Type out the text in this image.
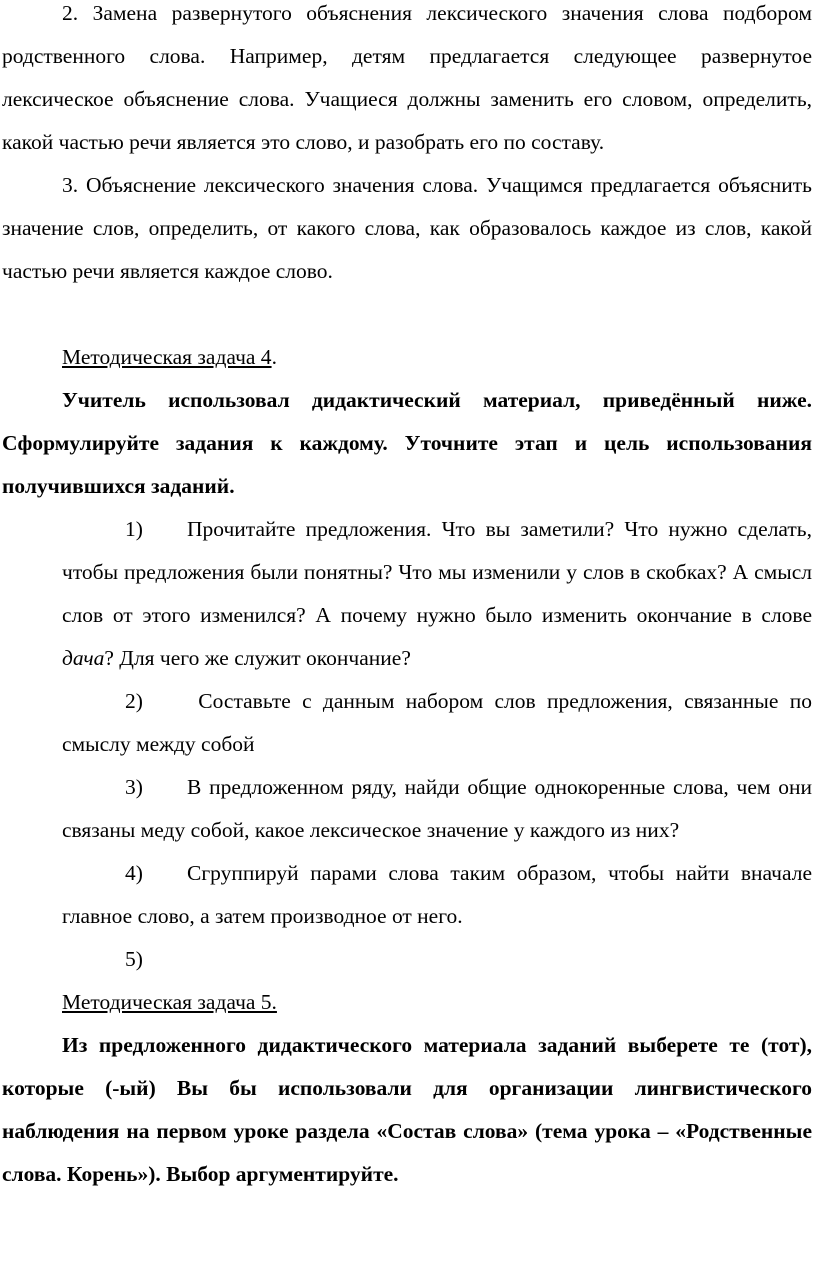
2. Замена развернутого объяснения лексического значения слова подбором родственного слова. Например, детям предлагается следующее развернутое лексическое объяснение слова. Учащиеся должны заменить его словом, определить, какой частью речи является это слово, и разобрать его по составу.

3. Объяснение лексического значения слова. Учащимся предлагается объяснить значение слов, определить, от какого слова, как образовалось каждое из слов, какой частью речи является каждое слово.

Методическая задача 4.

Учитель использовал дидактический материал, приведённый ниже. Сформулируйте задания к каждому. Уточните этап и цель использования получившихся заданий.

1) Прочитайте предложения. Что вы заметили? Что нужно сделать, чтобы предложения были понятны? Что мы изменили у слов в скобках? А смысл слов от этого изменился? А почему нужно было изменить окончание в слове дача? Для чего же служит окончание?

2) Составьте с данным набором слов предложения, связанные по смыслу между собой

3) В предложенном ряду, найди общие однокоренные слова, чем они связаны меду собой, какое лексическое значение у каждого из них?

4) Сгруппируй парами слова таким образом, чтобы найти вначале главное слово, а затем производное от него.

5)

Методическая задача 5.

Из предложенного дидактического материала заданий выберете те (тот), которые (-ый) Вы бы использовали для организации лингвистического наблюдения на первом уроке раздела «Состав слова» (тема урока – «Родственные слова. Корень»). Выбор аргументируйте.
